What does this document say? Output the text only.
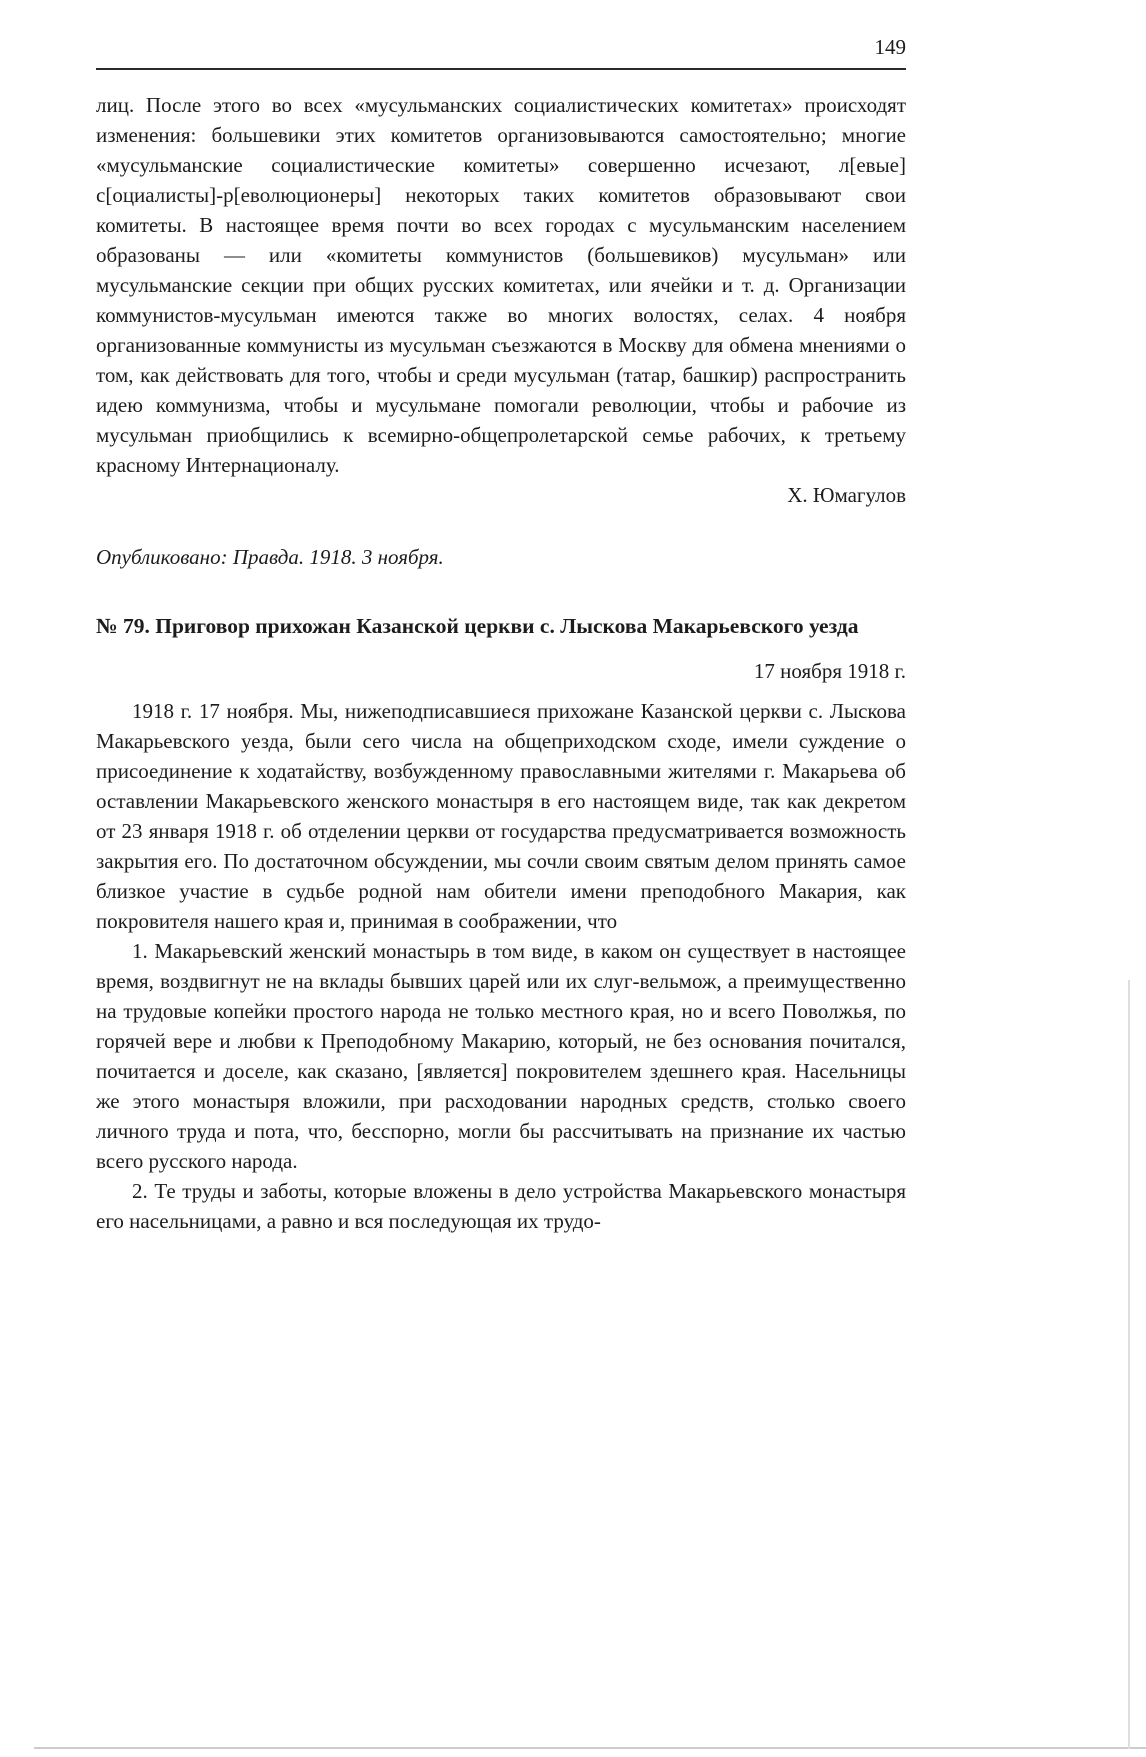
149

лиц. После этого во всех «мусульманских социалистических комитетах» происходят изменения: большевики этих комитетов организовываются самостоятельно; многие «мусульманские социалистические комитеты» совершенно исчезают, л[евые] с[оциалисты]-р[еволюционеры] некоторых таких комитетов образовывают свои комитеты. В настоящее время почти во всех городах с мусульманским населением образованы — или «комитеты коммунистов (большевиков) мусульман» или мусульманские секции при общих русских комитетах, или ячейки и т. д. Организации коммунистов-мусульман имеются также во многих волостях, селах. 4 ноября организованные коммунисты из мусульман съезжаются в Москву для обмена мнениями о том, как действовать для того, чтобы и среди мусульман (татар, башкир) распространить идею коммунизма, чтобы и мусульмане помогали революции, чтобы и рабочие из мусульман приобщились к всемирно-общепролетарской семье рабочих, к третьему красному Интернационалу.

Х. Юмагулов

Опубликовано: Правда. 1918. 3 ноября.

№ 79. Приговор прихожан Казанской церкви с. Лыскова Макарьевского уезда

17 ноября 1918 г.

1918 г. 17 ноября. Мы, нижеподписавшиеся прихожане Казанской церкви с. Лыскова Макарьевского уезда, были сего числа на общеприходском сходе, имели суждение о присоединение к ходатайству, возбужденному православными жителями г. Макарьева об оставлении Макарьевского женского монастыря в его настоящем виде, так как декретом от 23 января 1918 г. об отделении церкви от государства предусматривается возможность закрытия его. По достаточном обсуждении, мы сочли своим святым делом принять самое близкое участие в судьбе родной нам обители имени преподобного Макария, как покровителя нашего края и, принимая в соображении, что

1. Макарьевский женский монастырь в том виде, в каком он существует в настоящее время, воздвигнут не на вклады бывших царей или их слуг-вельмож, а преимущественно на трудовые копейки простого народа не только местного края, но и всего Поволжья, по горячей вере и любви к Преподобному Макарию, который, не без основания почитался, почитается и доселе, как сказано, [является] покровителем здешнего края. Насельницы же этого монастыря вложили, при расходовании народных средств, столько своего личного труда и пота, что, бесспорно, могли бы рассчитывать на признание их частью всего русского народа.

2. Те труды и заботы, которые вложены в дело устройства Макарьевского монастыря его насельницами, а равно и вся последующая их трудо-
